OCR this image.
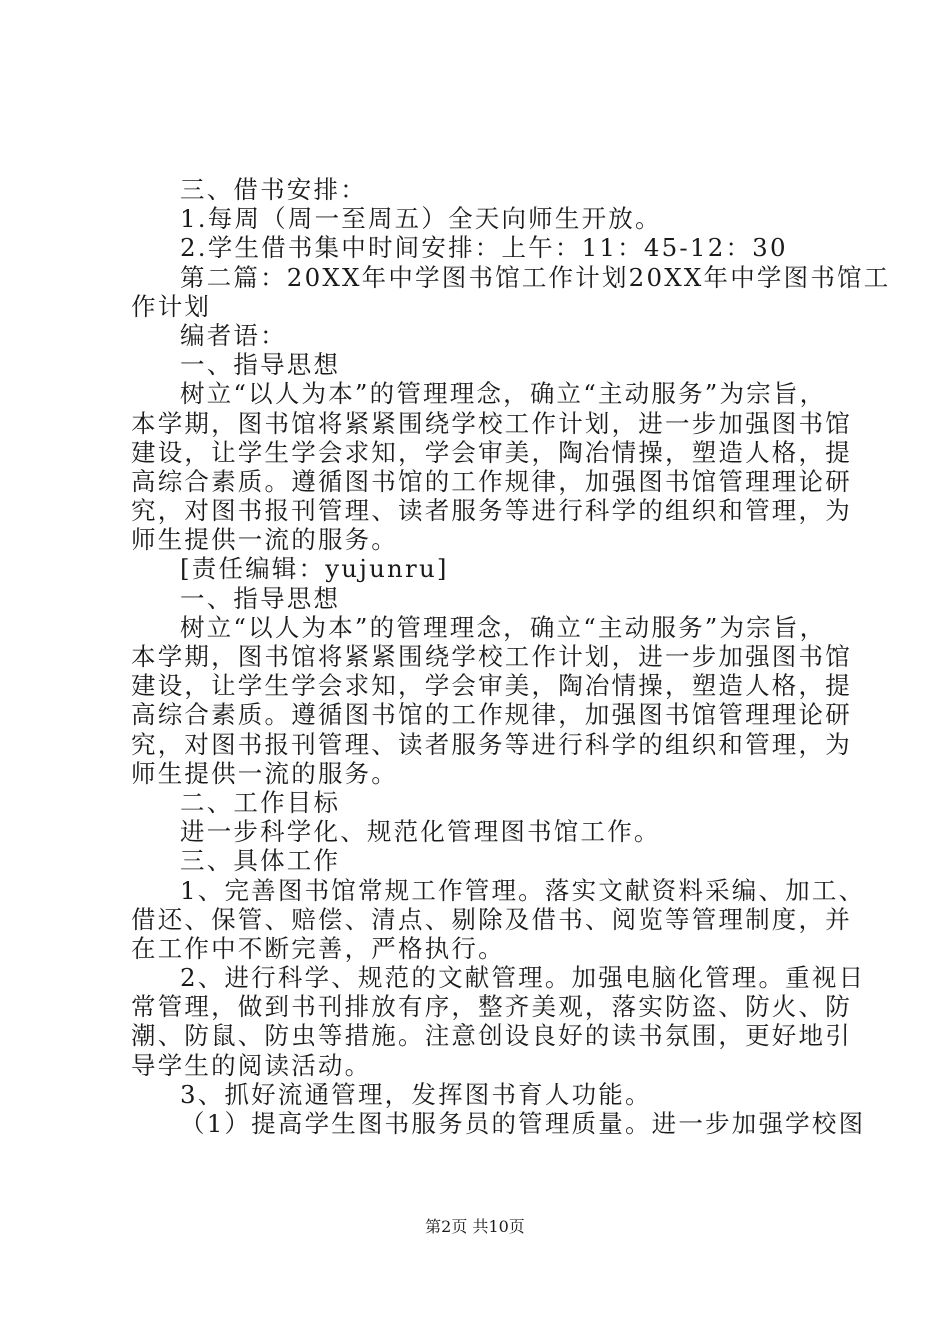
三、借书安排：
1.每周（周一至周五）全天向师生开放。
2.学生借书集中时间安排：上午：11：45-12：30
第二篇：20XX年中学图书馆工作计划20XX年中学图书馆工
作计划
编者语：
一、指导思想
树立“以人为本”的管理理念，确立“主动服务”为宗旨，
本学期，图书馆将紧紧围绕学校工作计划，进一步加强图书馆
建设，让学生学会求知，学会审美，陶冶情操，塑造人格，提
高综合素质。遵循图书馆的工作规律，加强图书馆管理理论研
究，对图书报刊管理、读者服务等进行科学的组织和管理，为
师生提供一流的服务。
[责任编辑：yujunru]
一、指导思想
树立“以人为本”的管理理念，确立“主动服务”为宗旨，
本学期，图书馆将紧紧围绕学校工作计划，进一步加强图书馆
建设，让学生学会求知，学会审美，陶冶情操，塑造人格，提
高综合素质。遵循图书馆的工作规律，加强图书馆管理理论研
究，对图书报刊管理、读者服务等进行科学的组织和管理，为
师生提供一流的服务。
二、工作目标
进一步科学化、规范化管理图书馆工作。
三、具体工作
1、完善图书馆常规工作管理。落实文献资料采编、加工、
借还、保管、赔偿、清点、剔除及借书、阅览等管理制度，并
在工作中不断完善，严格执行。
2、进行科学、规范的文献管理。加强电脑化管理。重视日
常管理，做到书刊排放有序，整齐美观，落实防盗、防火、防
潮、防鼠、防虫等措施。注意创设良好的读书氛围，更好地引
导学生的阅读活动。
3、抓好流通管理，发挥图书育人功能。
（1）提高学生图书服务员的管理质量。进一步加强学校图
第2页 共10页
